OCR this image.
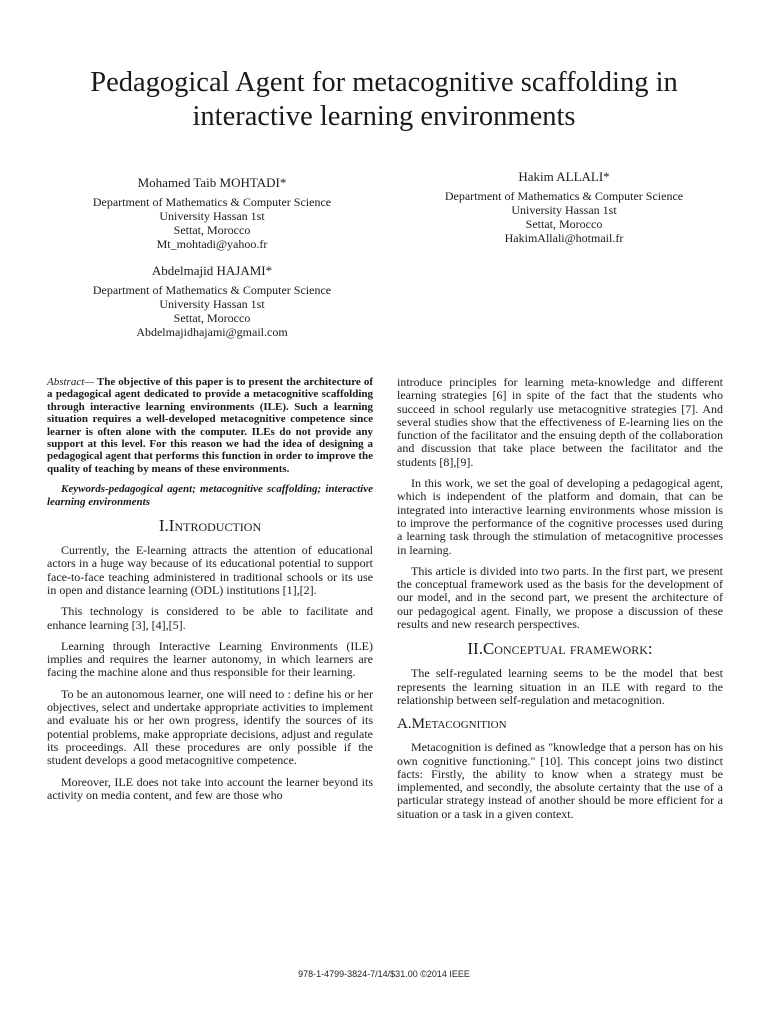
Pedagogical Agent for metacognitive scaffolding in interactive learning environments
Mohamed Taib MOHTADI*
Department of Mathematics & Computer Science
University Hassan 1st
Settat, Morocco
Mt_mohtadi@yahoo.fr
Abdelmajid HAJAMI*
Department of Mathematics & Computer Science
University Hassan 1st
Settat, Morocco
Abdelmajidhajami@gmail.com
Hakim ALLALI*
Department of Mathematics & Computer Science
University Hassan 1st
Settat, Morocco
HakimAllali@hotmail.fr

Abstract— The objective of this paper is to present the architecture of a pedagogical agent dedicated to provide a metacognitive scaffolding through interactive learning environments (ILE). Such a learning situation requires a well-developed metacognitive competence since learner is often alone with the computer. ILEs do not provide any support at this level. For this reason we had the idea of designing a pedagogical agent that performs this function in order to improve the quality of teaching by means of these environments.

Keywords-pedagogical agent; metacognitive scaffolding; interactive learning environments

I.Introduction

Currently, the E-learning attracts the attention of educational actors in a huge way because of its educational potential to support face-to-face teaching administered in traditional schools or its use in open and distance learning (ODL) institutions [1],[2].

This technology is considered to be able to facilitate and enhance learning [3], [4],[5].

Learning through Interactive Learning Environments (ILE) implies and requires the learner autonomy, in which learners are facing the machine alone and thus responsible for their learning.

To be an autonomous learner, one will need to : define his or her objectives, select and undertake appropriate activities to implement and evaluate his or her own progress, identify the sources of its potential problems, make appropriate decisions, adjust and regulate its proceedings. All these procedures are only possible if the student develops a good metacognitive competence.

Moreover, ILE does not take into account the learner beyond its activity on media content, and few are those who

introduce principles for learning meta-knowledge and different learning strategies [6] in spite of the fact that the students who succeed in school regularly use metacognitive strategies [7]. And several studies show that the effectiveness of E-learning lies on the function of the facilitator and the ensuing depth of the collaboration and discussion that take place between the facilitator and the students [8],[9].

In this work, we set the goal of developing a pedagogical agent, which is independent of the platform and domain, that can be integrated into interactive learning environments whose mission is to improve the performance of the cognitive processes used during a learning task through the stimulation of metacognitive processes in learning.

This article is divided into two parts. In the first part, we present the conceptual framework used as the basis for the development of our model, and in the second part, we present the architecture of our pedagogical agent. Finally, we propose a discussion of these results and new research perspectives.

II.Conceptual framework:

The self-regulated learning seems to be the model that best represents the learning situation in an ILE with regard to the relationship between self-regulation and metacognition.

A.Metacognition

Metacognition is defined as "knowledge that a person has on his own cognitive functioning." [10]. This concept joins two distinct facts: Firstly, the ability to know when a strategy must be implemented, and secondly, the absolute certainty that the use of a particular strategy instead of another should be more efficient for a situation or a task in a given context.

978-1-4799-3824-7/14/$31.00 ©2014 IEEE
